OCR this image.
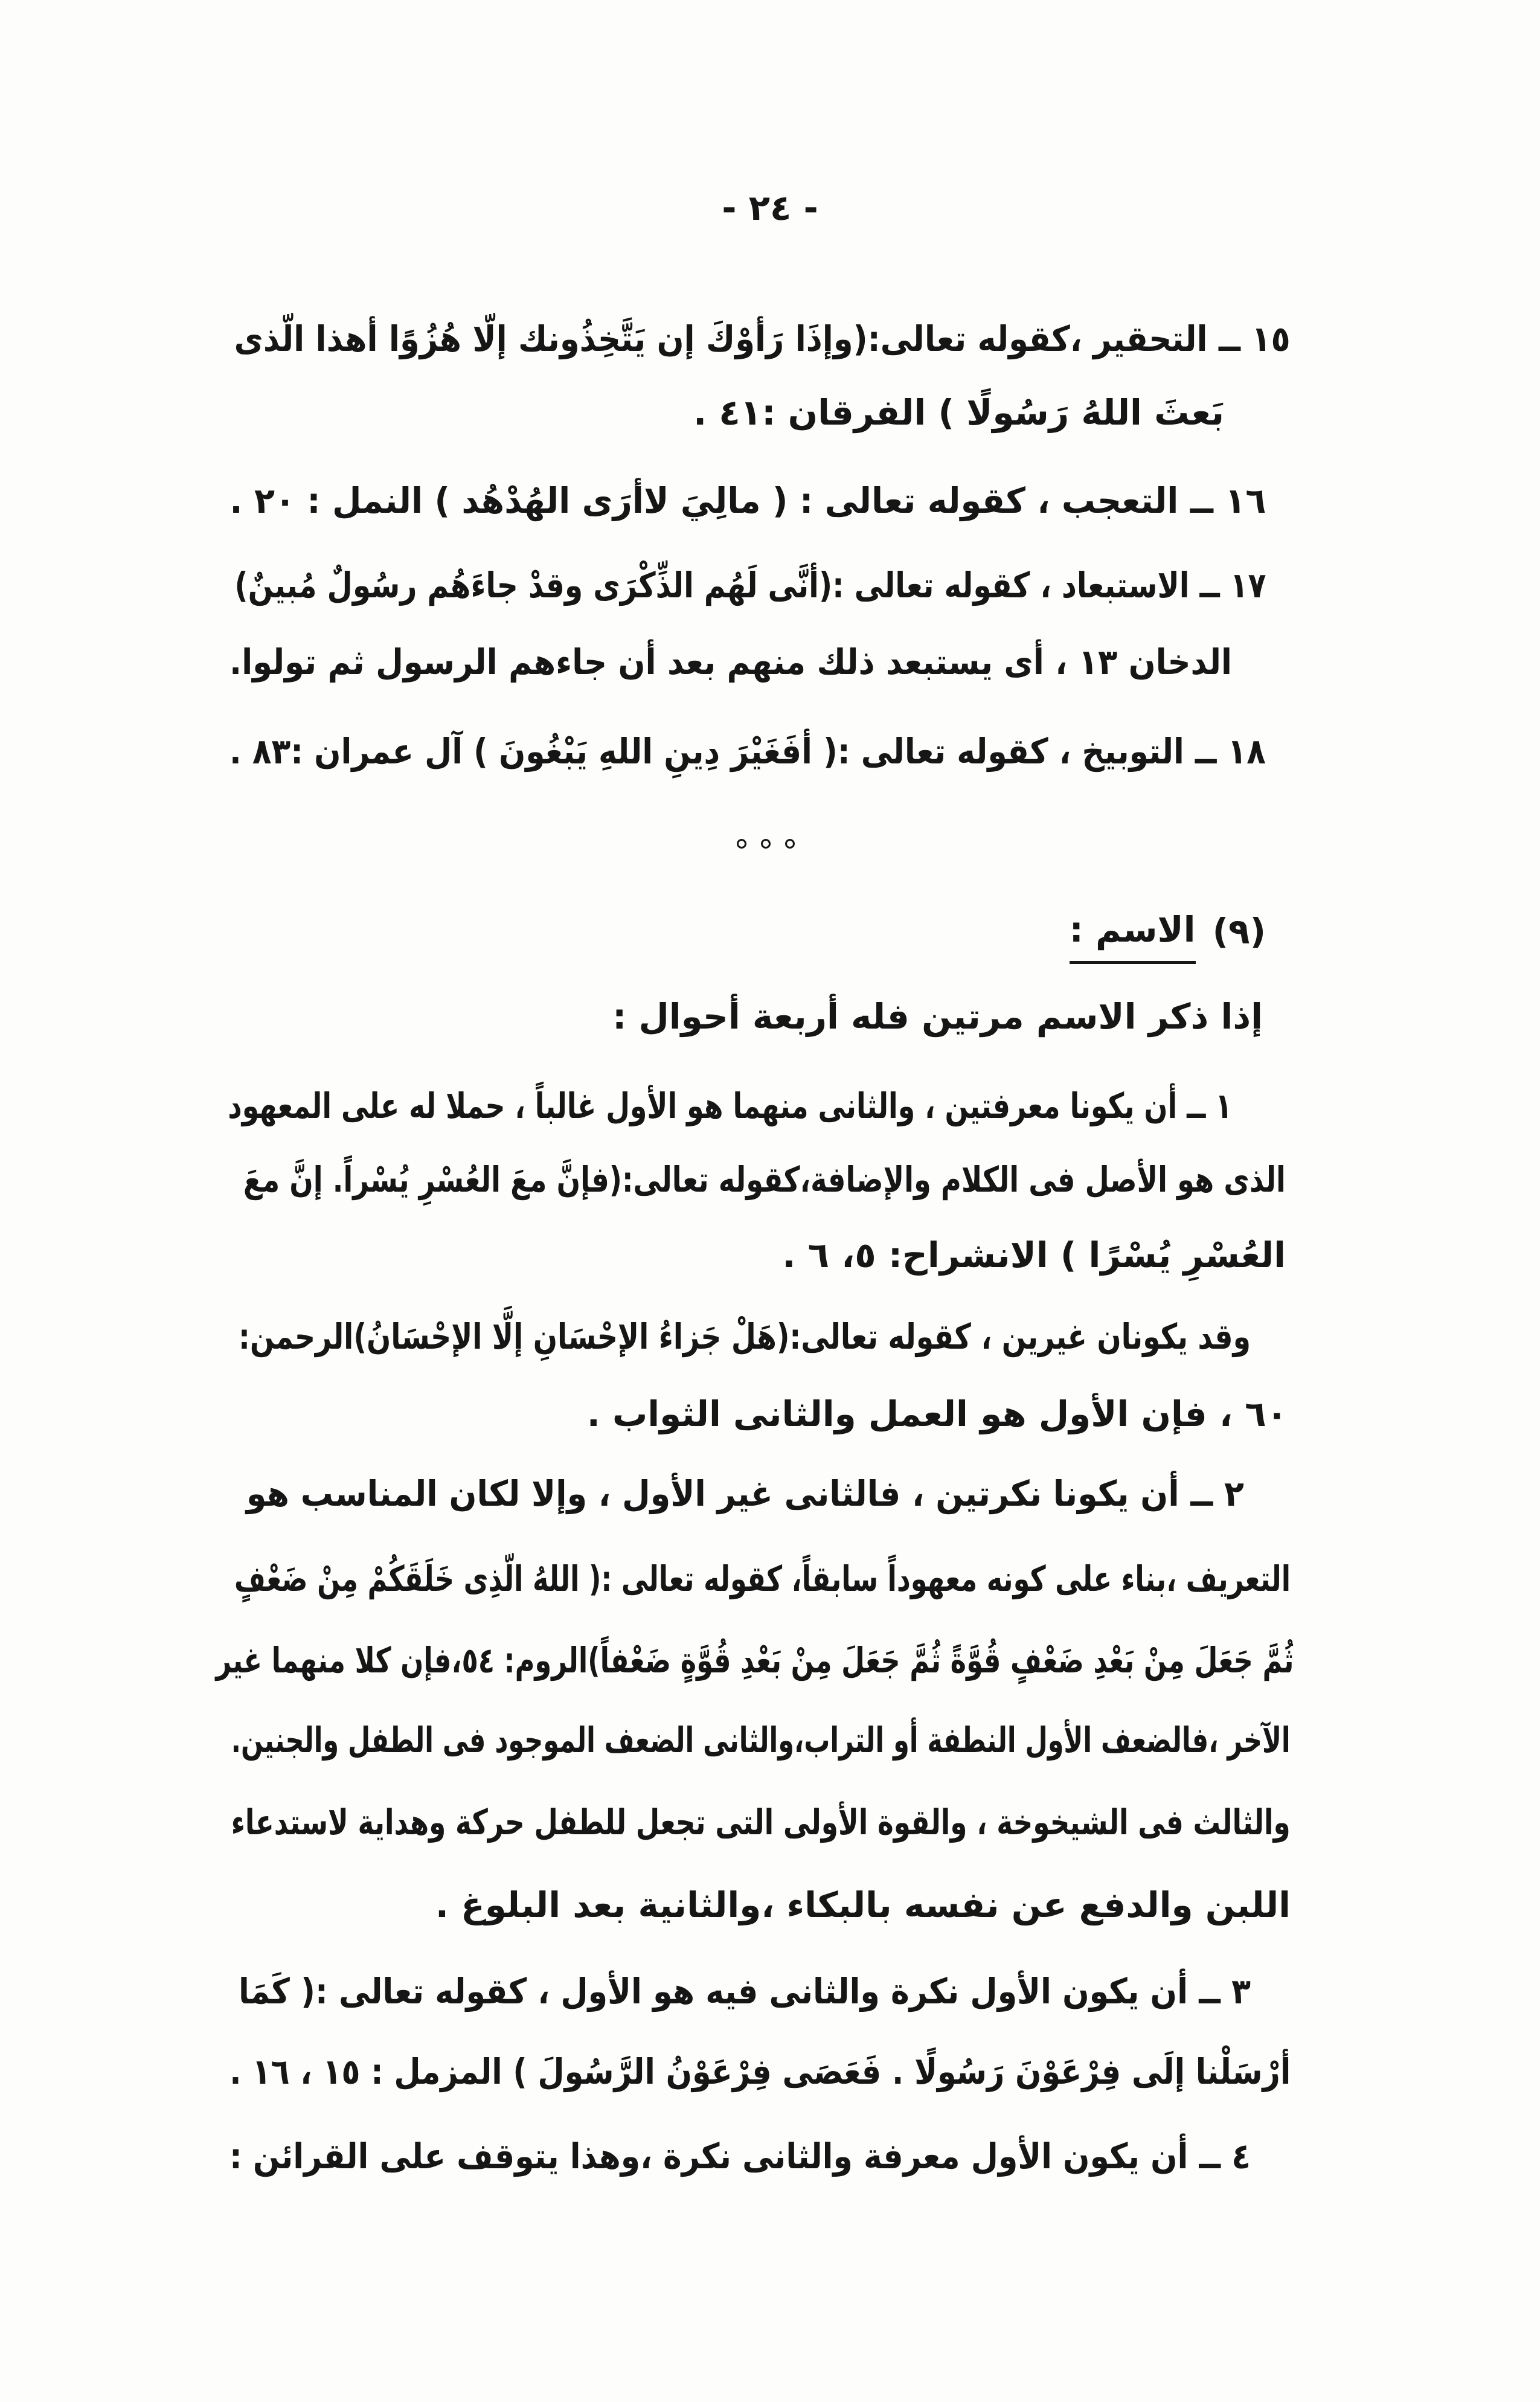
- ٢٤ -
١٥ ــ التحقير ،كقوله تعالى:(وإذَا رَأوْكَ إن يَتَّخِذُونك إلّا هُزُوًا أهذا الّذى
بَعثَ اللهُ رَسُولًا ) الفرقان :٤١ .
١٦ ــ التعجب ، كقوله تعالى : ( مالِيَ لاأرَى الهُدْهُد ) النمل : ٢٠ .
١٧ ــ الاستبعاد ، كقوله تعالى :(أنَّى لَهُم الذِّكْرَى وقدْ جاءَهُم رسُولٌ مُبينٌ)
الدخان ١٣ ، أى يستبعد ذلك منهم بعد أن جاءهم الرسول ثم تولوا.
١٨ ــ التوبيخ ، كقوله تعالى :( أفَغَيْرَ دِينِ اللهِ يَبْغُونَ ) آل عمران :٨٣ .
(٩)
الاسم :
إذا ذكر الاسم مرتين فله أربعة أحوال :
١ ــ أن يكونا معرفتين ، والثانى منهما هو الأول غالباً ، حملا له على المعهود
الذى هو الأصل فى الكلام والإضافة،كقوله تعالى:(فإنَّ معَ العُسْرِ يُسْراً. إنَّ معَ
العُسْرِ يُسْرًا ) الانشراح: ٥، ٦ .
وقد يكونان غيرين ، كقوله تعالى:(هَلْ جَزاءُ الإحْسَانِ إلَّا الإحْسَانُ)الرحمن:
٦٠ ، فإن الأول هو العمل والثانى الثواب .
٢ ــ أن يكونا نكرتين ، فالثانى غير الأول ، وإلا لكان المناسب هو
التعريف ،بناء على كونه معهوداً سابقاً، كقوله تعالى :( اللهُ الّذِى خَلَقَكُمْ مِنْ ضَعْفٍ
ثُمَّ جَعَلَ مِنْ بَعْدِ ضَعْفٍ قُوَّةً ثُمَّ جَعَلَ مِنْ بَعْدِ قُوَّةٍ ضَعْفاً)الروم: ٥٤،فإن كلا منهما غير
الآخر ،فالضعف الأول النطفة أو التراب،والثانى الضعف الموجود فى الطفل والجنين.
والثالث فى الشيخوخة ، والقوة الأولى التى تجعل للطفل حركة وهداية لاستدعاء
اللبن والدفع عن نفسه بالبكاء ،والثانية بعد البلوغ .
٣ ــ أن يكون الأول نكرة والثانى فيه هو الأول ، كقوله تعالى :( كَمَا
أرْسَلْنا إلَى فِرْعَوْنَ رَسُولًا . فَعَصَى فِرْعَوْنُ الرَّسُولَ ) المزمل : ١٥ ، ١٦ .
٤ ــ أن يكون الأول معرفة والثانى نكرة ،وهذا يتوقف على القرائن :
